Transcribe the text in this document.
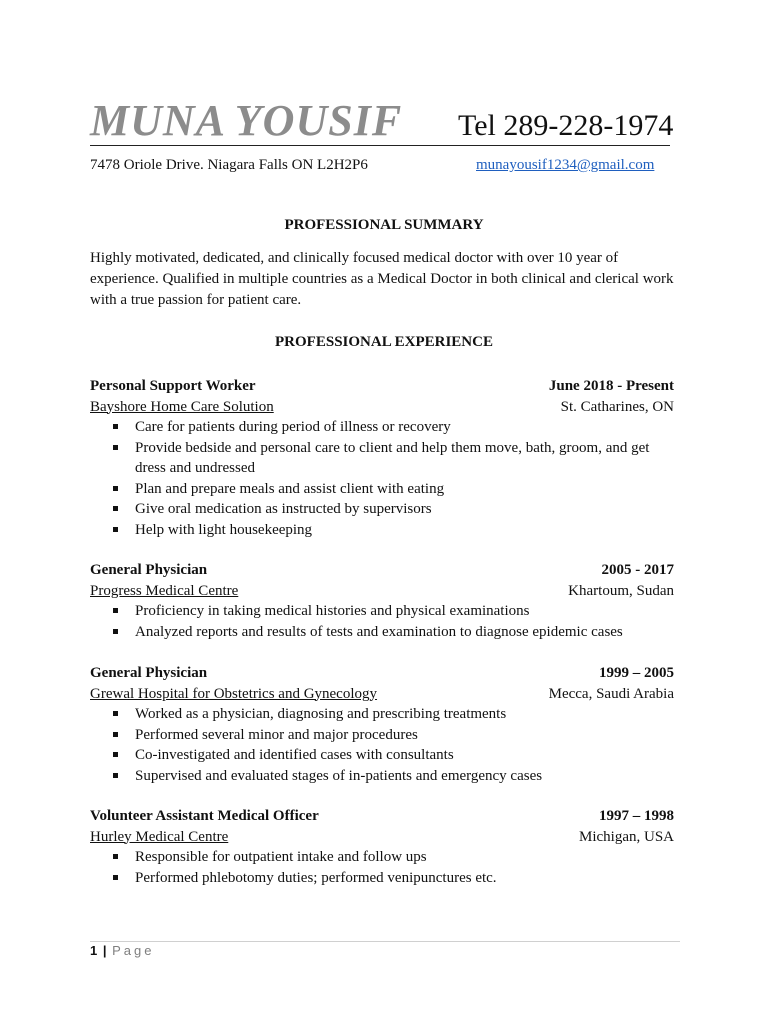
MUNA YOUSIF Tel 289-228-1974
7478 Oriole Drive. Niagara Falls ON L2H2P6	munayousif1234@gmail.com
PROFESSIONAL SUMMARY
Highly motivated, dedicated, and clinically focused medical doctor with over 10 year of experience. Qualified in multiple countries as a Medical Doctor in both clinical and clerical work with a true passion for patient care.
PROFESSIONAL EXPERIENCE
Personal Support Worker	June 2018 - Present
Bayshore Home Care Solution	St. Catharines, ON
Care for patients during period of illness or recovery
Provide bedside and personal care to client and help them move, bath, groom, and get dress and undressed
Plan and prepare meals and assist client with eating
Give oral medication as instructed by supervisors
Help with light housekeeping
General Physician	2005 - 2017
Progress Medical Centre	Khartoum, Sudan
Proficiency in taking medical histories and physical examinations
Analyzed reports and results of tests and examination to diagnose epidemic cases
General Physician	1999 – 2005
Grewal Hospital for Obstetrics and Gynecology	Mecca, Saudi Arabia
Worked as a physician, diagnosing and prescribing treatments
Performed several minor and major procedures
Co-investigated and identified cases with consultants
Supervised and evaluated stages of in-patients and emergency cases
Volunteer Assistant Medical Officer	1997 – 1998
Hurley Medical Centre	Michigan, USA
Responsible for outpatient intake and follow ups
Performed phlebotomy duties; performed venipunctures etc.
1 | Page
